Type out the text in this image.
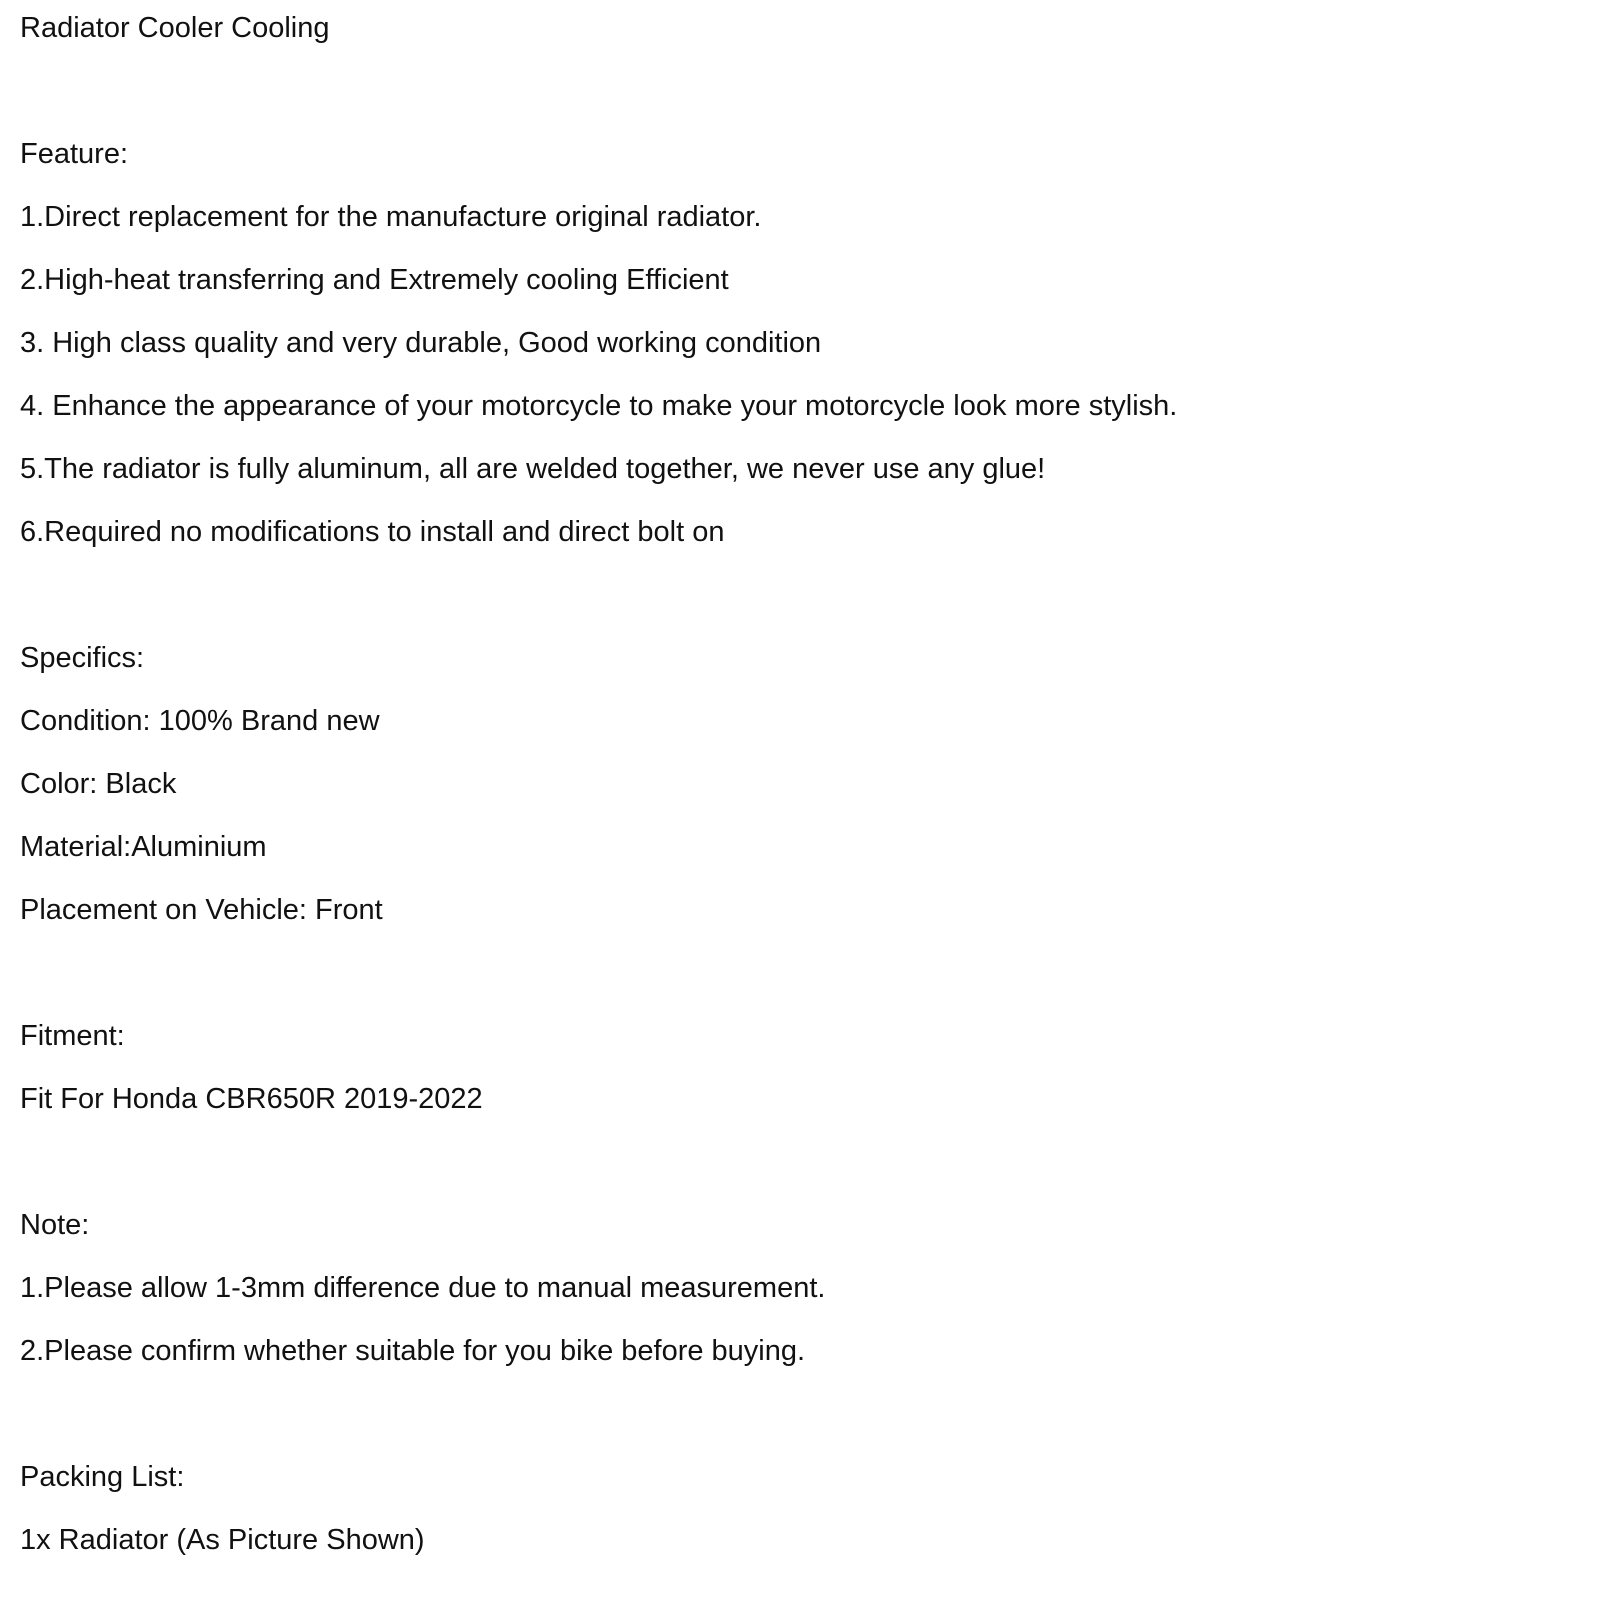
Radiator Cooler Cooling
Feature:
1.Direct replacement for the manufacture original radiator.
2.High-heat transferring and Extremely cooling Efficient
3. High class quality and very durable, Good working condition
4. Enhance the appearance of your motorcycle to make your motorcycle look more stylish.
5.The radiator is fully aluminum, all are welded together, we never use any glue!
6.Required no modifications to install and direct bolt on
Specifics:
Condition: 100% Brand new
Color: Black
Material:Aluminium
Placement on Vehicle: Front
Fitment:
Fit For Honda CBR650R 2019-2022
Note:
1.Please allow 1-3mm difference due to manual measurement.
2.Please confirm whether suitable for you bike before buying.
Packing List:
1x Radiator (As Picture Shown)
